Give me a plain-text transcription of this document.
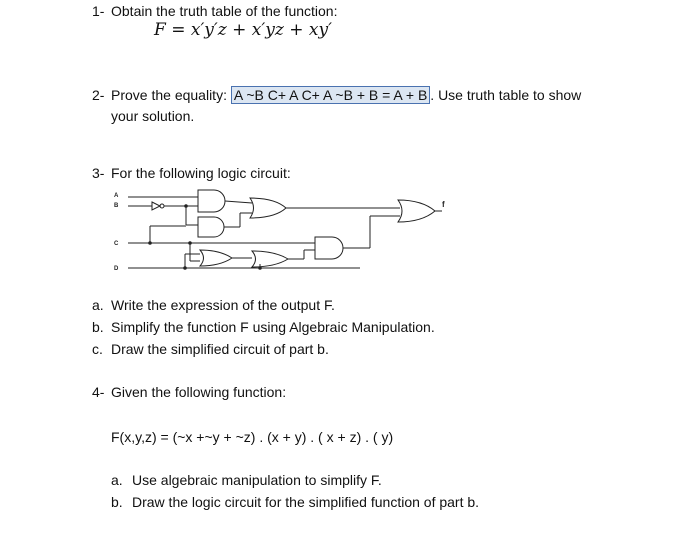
1- Obtain the truth table of the function:
F = x′y′z + x′yz + xy′
2- Prove the equality: A ~B C+ A C+ A ~B + B = A + B . Use truth table to show
your solution.
3- For the following logic circuit:
A
B
C
D
f
a. Write the expression of the output F.
b. Simplify the function F using Algebraic Manipulation.
c. Draw the simplified circuit of part b.
4- Given the following function:
F(x,y,z) = (~x +~y + ~z) . (x + y) . ( x + z) . ( y)
a. Use algebraic manipulation to simplify F.
b. Draw the logic circuit for the simplified function of part b.
